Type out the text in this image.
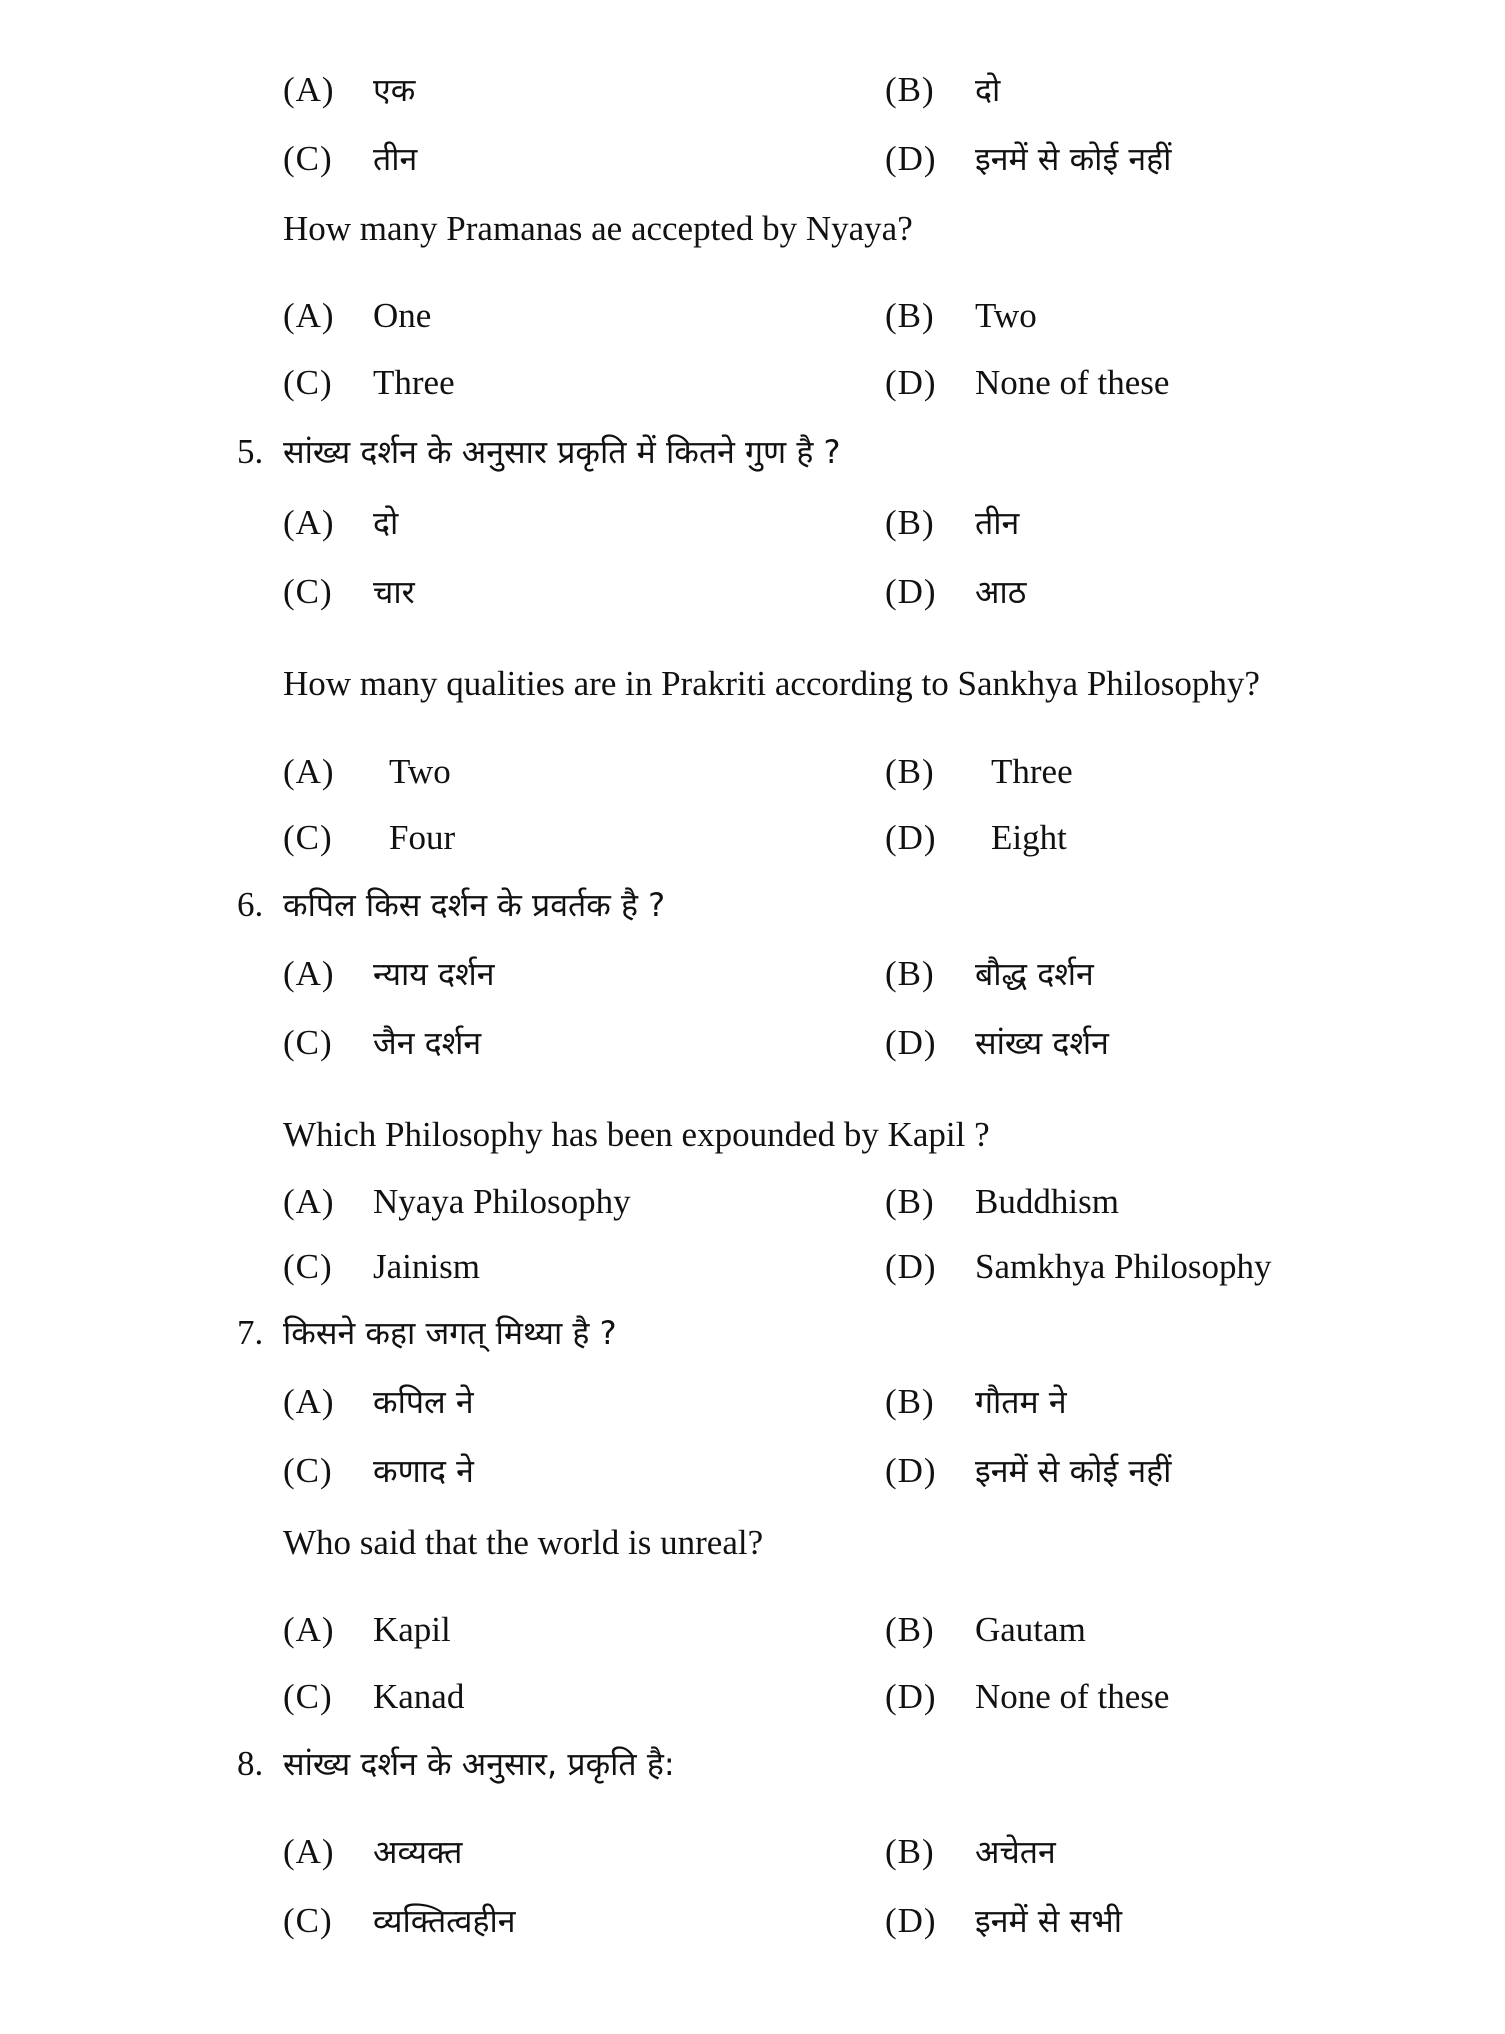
(A) एक	(B) दो
(C) तीन	(D) इनमें से कोई नहीं
How many Pramanas ae accepted by Nyaya?
(A) One	(B) Two
(C) Three	(D) None of these
5. सांख्य दर्शन के अनुसार प्रकृति में कितने गुण है ?
(A) दो	(B) तीन
(C) चार	(D) आठ
How many qualities are in Prakriti according to Sankhya Philosophy?
(A) Two	(B) Three
(C) Four	(D) Eight
6. कपिल किस दर्शन के प्रवर्तक है ?
(A) न्याय दर्शन	(B) बौद्ध दर्शन
(C) जैन दर्शन	(D) सांख्य दर्शन
Which Philosophy has been expounded by Kapil ?
(A) Nyaya Philosophy	(B) Buddhism
(C) Jainism	(D) Samkhya Philosophy
7. किसने कहा जगत् मिथ्या है ?
(A) कपिल ने	(B) गौतम ने
(C) कणाद ने	(D) इनमें से कोई नहीं
Who said that the world is unreal?
(A) Kapil	(B) Gautam
(C) Kanad	(D) None of these
8. सांख्य दर्शन के अनुसार, प्रकृति है:
(A) अव्यक्त	(B) अचेतन
(C) व्यक्तित्वहीन	(D) इनमें से सभी
